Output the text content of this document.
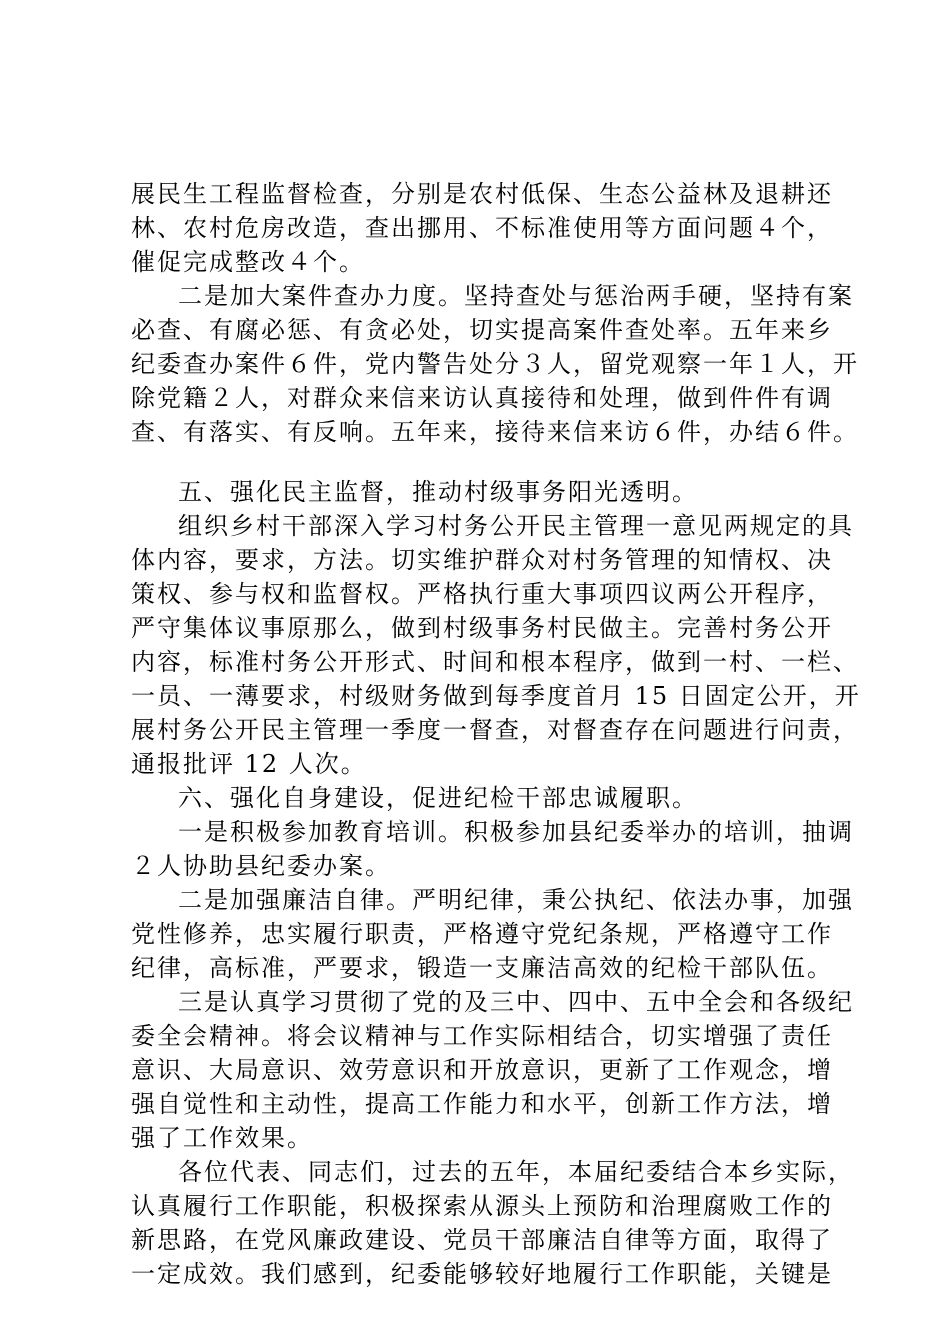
展民生工程监督检查，分别是农村低保、生态公益林及退耕还
林、农村危房改造，查出挪用、不标准使用等方面问题４个，
催促完成整改４个。
二是加大案件查办力度。坚持查处与惩治两手硬，坚持有案
必查、有腐必惩、有贪必处，切实提高案件查处率。五年来乡
纪委查办案件６件，党内警告处分３人，留党观察一年１人，开
除党籍２人，对群众来信来访认真接待和处理，做到件件有调
查、有落实、有反响。五年来，接待来信来访６件，办结６件。
五、强化民主监督，推动村级事务阳光透明。
组织乡村干部深入学习村务公开民主管理一意见两规定的具
体内容，要求，方法。切实维护群众对村务管理的知情权、决
策权、参与权和监督权。严格执行重大事项四议两公开程序，
严守集体议事原那么，做到村级事务村民做主。完善村务公开
内容，标准村务公开形式、时间和根本程序，做到一村、一栏、
一员、一薄要求，村级财务做到每季度首月 15 日固定公开，开
展村务公开民主管理一季度一督查，对督查存在问题进行问责，
通报批评 12 人次。
六、强化自身建设，促进纪检干部忠诚履职。
一是积极参加教育培训。积极参加县纪委举办的培训，抽调
２人协助县纪委办案。
二是加强廉洁自律。严明纪律，秉公执纪、依法办事，加强
党性修养，忠实履行职责，严格遵守党纪条规，严格遵守工作
纪律，高标准，严要求，锻造一支廉洁高效的纪检干部队伍。
三是认真学习贯彻了党的及三中、四中、五中全会和各级纪
委全会精神。将会议精神与工作实际相结合，切实增强了责任
意识、大局意识、效劳意识和开放意识，更新了工作观念，增
强自觉性和主动性，提高工作能力和水平，创新工作方法，增
强了工作效果。
各位代表、同志们，过去的五年，本届纪委结合本乡实际，
认真履行工作职能，积极探索从源头上预防和治理腐败工作的
新思路，在党风廉政建设、党员干部廉洁自律等方面，取得了
一定成效。我们感到，纪委能够较好地履行工作职能，关键是
